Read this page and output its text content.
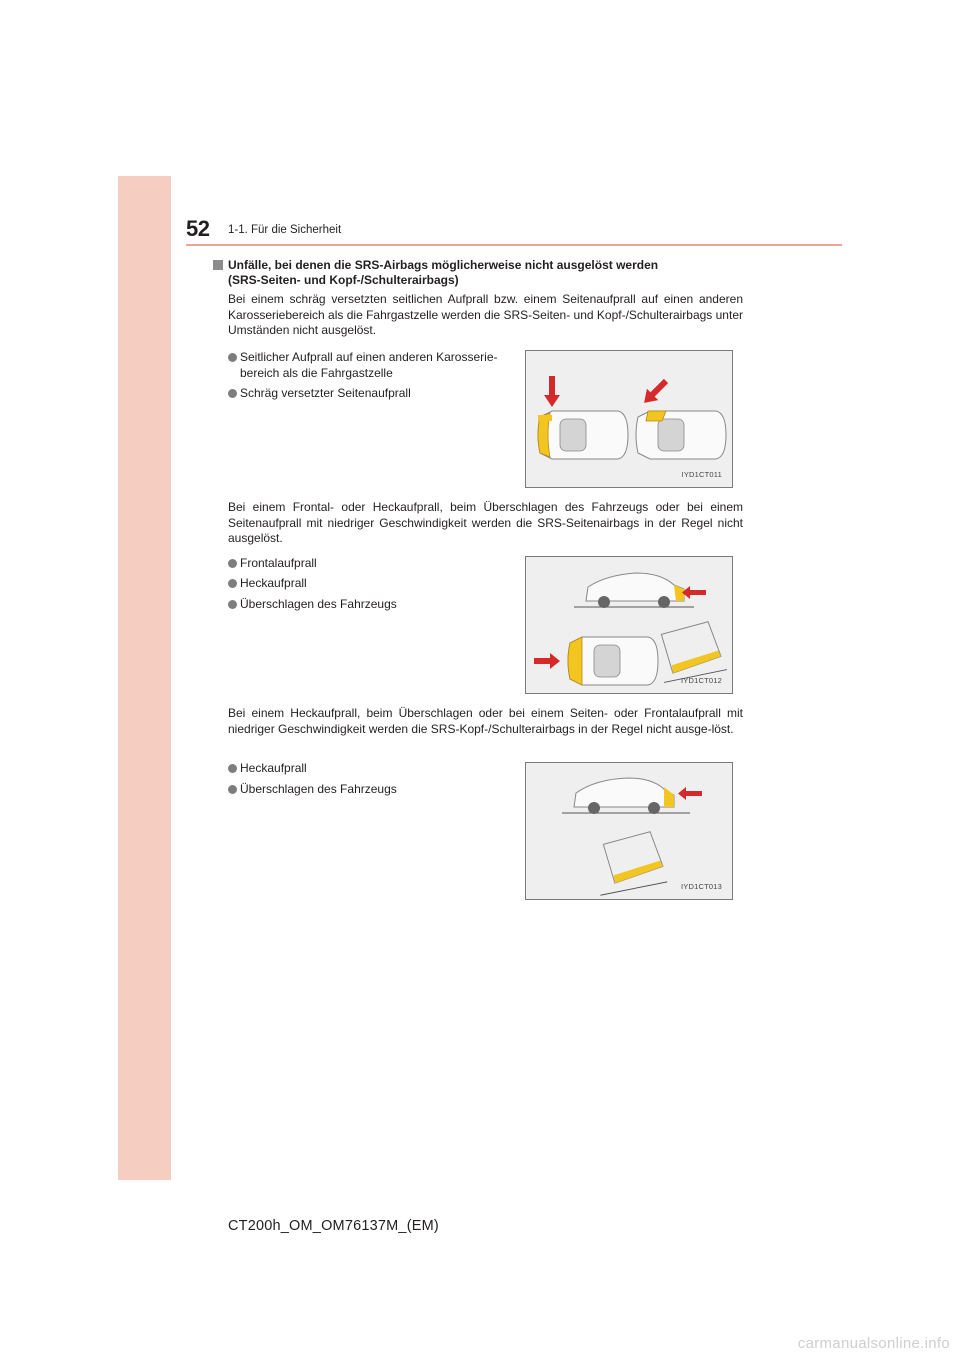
52 1-1. Für die Sicherheit
Unfälle, bei denen die SRS-Airbags möglicherweise nicht ausgelöst werden
(SRS-Seiten- und Kopf-/Schulterairbags)
Bei einem schräg versetzten seitlichen Aufprall bzw. einem Seitenaufprall auf einen anderen Karosseriebereich als die Fahrgastzelle werden die SRS-Seiten- und Kopf-/Schulterairbags unter Umständen nicht ausgelöst.
Seitlicher Aufprall auf einen anderen Karosserie-
bereich als die Fahrgastzelle
Schräg versetzter Seitenaufprall
IYD1CT011
Bei einem Frontal- oder Heckaufprall, beim Überschlagen des Fahrzeugs oder bei einem Seitenaufprall mit niedriger Geschwindigkeit werden die SRS-Seitenairbags in der Regel nicht ausgelöst.
Frontalaufprall
Heckaufprall
Überschlagen des Fahrzeugs
IYD1CT012
Bei einem Heckaufprall, beim Überschlagen oder bei einem Seiten- oder Frontalaufprall mit niedriger Geschwindigkeit werden die SRS-Kopf-/Schulterairbags in der Regel nicht ausge-löst.
Heckaufprall
Überschlagen des Fahrzeugs
IYD1CT013
CT200h_OM_OM76137M_(EM)
carmanualsonline.info
